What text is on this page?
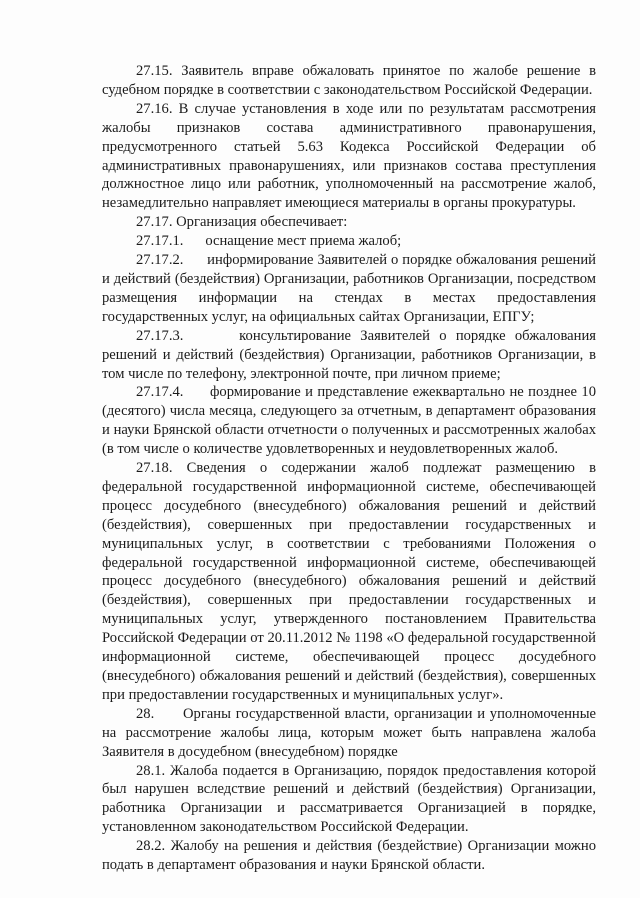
27.15. Заявитель вправе обжаловать принятое по жалобе решение в судебном порядке в соответствии с законодательством Российской Федерации.

27.16. В случае установления в ходе или по результатам рассмотрения жалобы признаков состава административного правонарушения, предусмотренного статьей 5.63 Кодекса Российской Федерации об административных правонарушениях, или признаков состава преступления должностное лицо или работник, уполномоченный на рассмотрение жалоб, незамедлительно направляет имеющиеся материалы в органы прокуратуры.

27.17. Организация обеспечивает:

27.17.1.      оснащение мест приема жалоб;

27.17.2.      информирование Заявителей о порядке обжалования решений и действий (бездействия) Организации, работников Организации, посредством размещения информации на стендах в местах предоставления государственных услуг, на официальных сайтах Организации, ЕПГУ;

27.17.3.      консультирование Заявителей о порядке обжалования решений и действий (бездействия) Организации, работников Организации, в том числе по телефону, электронной почте, при личном приеме;

27.17.4.      формирование и представление ежеквартально не позднее 10 (десятого) числа месяца, следующего за отчетным, в департамент образования и науки Брянской области отчетности о полученных и рассмотренных жалобах (в том числе о количестве удовлетворенных и неудовлетворенных жалоб.

27.18. Сведения о содержании жалоб подлежат размещению в федеральной государственной информационной системе, обеспечивающей процесс досудебного (внесудебного) обжалования решений и действий (бездействия), совершенных при предоставлении государственных и муниципальных услуг, в соответствии с требованиями Положения о федеральной государственной информационной системе, обеспечивающей процесс досудебного (внесудебного) обжалования решений и действий (бездействия), совершенных при предоставлении государственных и муниципальных услуг, утвержденного постановлением Правительства Российской Федерации от 20.11.2012 № 1198 «О федеральной государственной информационной системе, обеспечивающей процесс досудебного (внесудебного) обжалования решений и действий (бездействия), совершенных при предоставлении государственных и муниципальных услуг».

28.      Органы государственной власти, организации и уполномоченные на рассмотрение жалобы лица, которым может быть направлена жалоба Заявителя в досудебном (внесудебном) порядке

28.1. Жалоба подается в Организацию, порядок предоставления которой был нарушен вследствие решений и действий (бездействия) Организации, работника Организации и рассматривается Организацией в порядке, установленном законодательством Российской Федерации.

28.2. Жалобу на решения и действия (бездействие) Организации можно подать в департамент образования и науки Брянской области.
